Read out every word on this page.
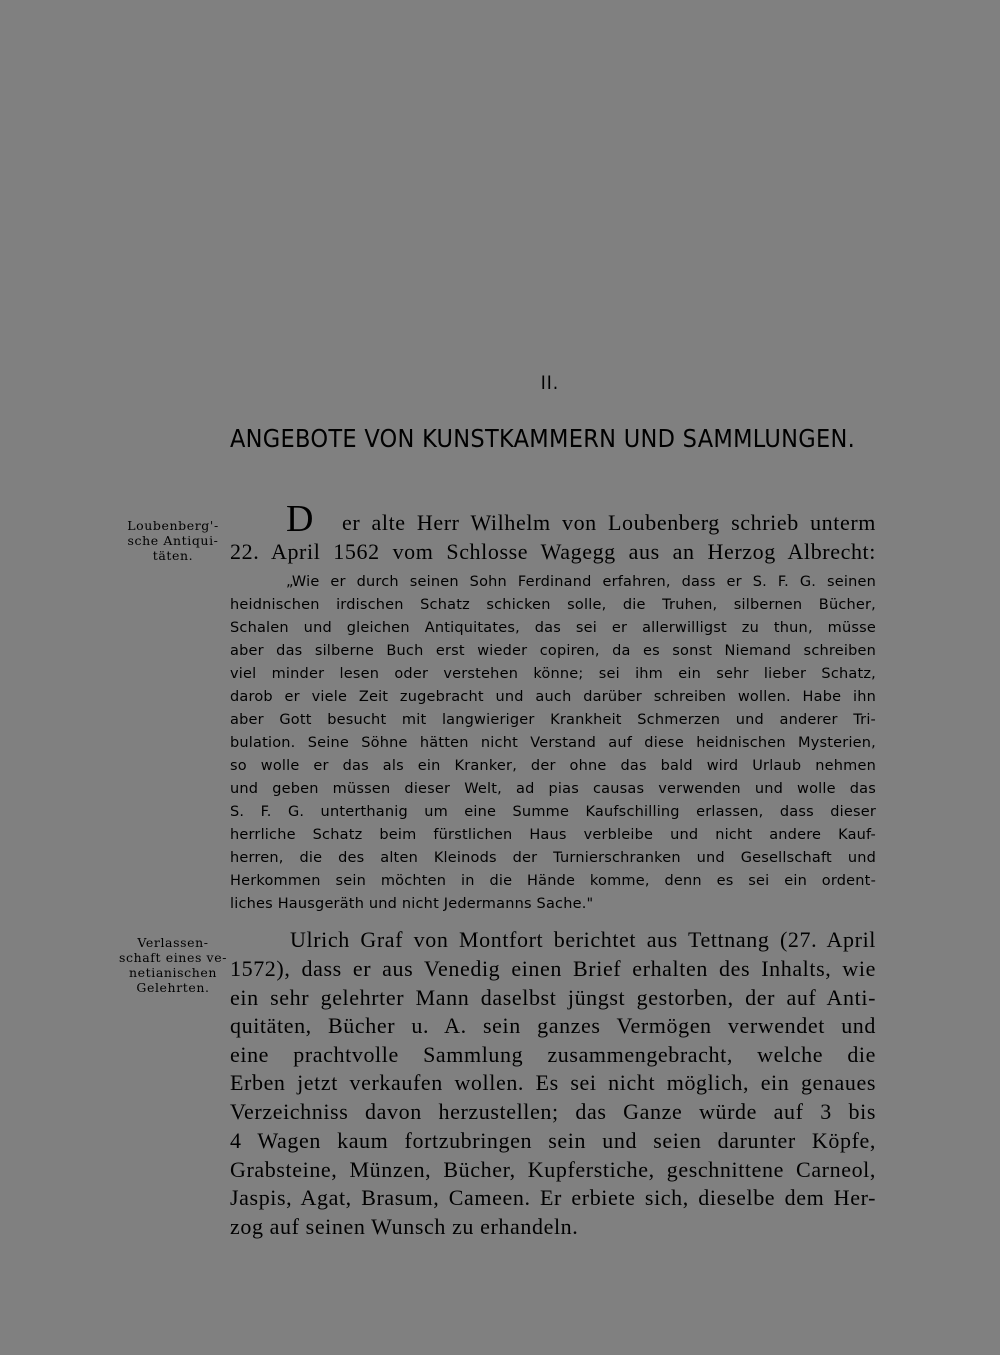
II.
ANGEBOTE VON KUNSTKAMMERN UND SAMMLUNGEN.
Loubenberg'-
sche Antiqui-
täten.
D er alte Herr Wilhelm von Loubenberg schrieb unterm
22. April 1562 vom Schlosse Wagegg aus an Herzog Albrecht:
„Wie er durch seinen Sohn Ferdinand erfahren, dass er S. F. G. seinen
heidnischen irdischen Schatz schicken solle, die Truhen, silbernen Bücher,
Schalen und gleichen Antiquitates, das sei er allerwilligst zu thun, müsse
aber das silberne Buch erst wieder copiren, da es sonst Niemand schreiben
viel minder lesen oder verstehen könne; sei ihm ein sehr lieber Schatz,
darob er viele Zeit zugebracht und auch darüber schreiben wollen. Habe ihn
aber Gott besucht mit langwieriger Krankheit Schmerzen und anderer Tri-
bulation. Seine Söhne hätten nicht Verstand auf diese heidnischen Mysterien,
so wolle er das als ein Kranker, der ohne das bald wird Urlaub nehmen
und geben müssen dieser Welt, ad pias causas verwenden und wolle das
S. F. G. unterthanig um eine Summe Kaufschilling erlassen, dass dieser
herrliche Schatz beim fürstlichen Haus verbleibe und nicht andere Kauf-
herren, die des alten Kleinods der Turnierschranken und Gesellschaft und
Herkommen sein möchten in die Hände komme, denn es sei ein ordent-
liches Hausgeräth und nicht Jedermanns Sache."
Verlassen-
schaft eines ve-
netianischen
Gelehrten.
Ulrich Graf von Montfort berichtet aus Tettnang (27. April
1572), dass er aus Venedig einen Brief erhalten des Inhalts, wie
ein sehr gelehrter Mann daselbst jüngst gestorben, der auf Anti-
quitäten, Bücher u. A. sein ganzes Vermögen verwendet und
eine prachtvolle Sammlung zusammengebracht, welche die
Erben jetzt verkaufen wollen. Es sei nicht möglich, ein genaues
Verzeichniss davon herzustellen; das Ganze würde auf 3 bis
4 Wagen kaum fortzubringen sein und seien darunter Köpfe,
Grabsteine, Münzen, Bücher, Kupferstiche, geschnittene Carneol,
Jaspis, Agat, Brasum, Cameen. Er erbiete sich, dieselbe dem Her-
zog auf seinen Wunsch zu erhandeln.
